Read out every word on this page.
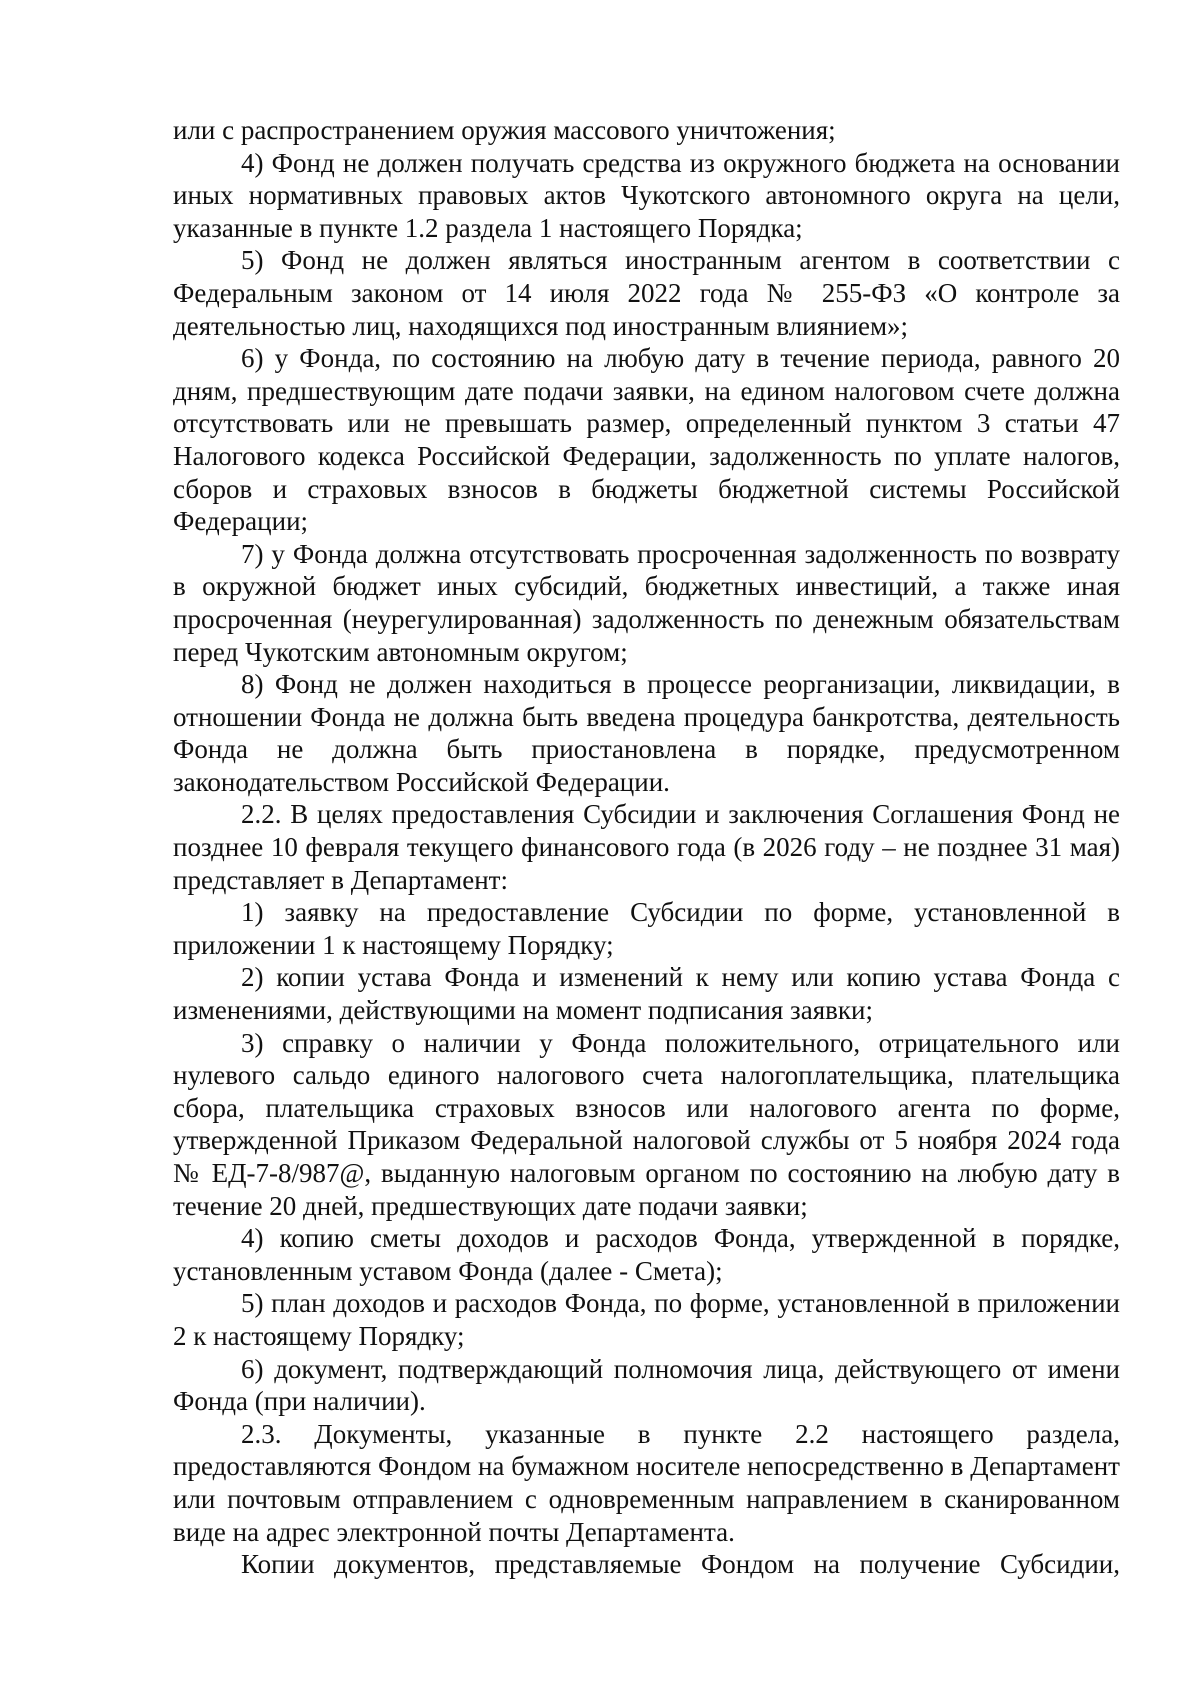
или с распространением оружия массового уничтожения;

4) Фонд не должен получать средства из окружного бюджета на основании иных нормативных правовых актов Чукотского автономного округа на цели, указанные в пункте 1.2 раздела 1 настоящего Порядка;

5) Фонд не должен являться иностранным агентом в соответствии с Федеральным законом от 14 июля 2022 года № 255-ФЗ «О контроле за деятельностью лиц, находящихся под иностранным влиянием»;

6) у Фонда, по состоянию на любую дату в течение периода, равного 20 дням, предшествующим дате подачи заявки, на едином налоговом счете должна отсутствовать или не превышать размер, определенный пунктом 3 статьи 47 Налогового кодекса Российской Федерации, задолженность по уплате налогов, сборов и страховых взносов в бюджеты бюджетной системы Российской Федерации;

7) у Фонда должна отсутствовать просроченная задолженность по возврату в окружной бюджет иных субсидий, бюджетных инвестиций, а также иная просроченная (неурегулированная) задолженность по денежным обязательствам перед Чукотским автономным округом;

8) Фонд не должен находиться в процессе реорганизации, ликвидации, в отношении Фонда не должна быть введена процедура банкротства, деятельность Фонда не должна быть приостановлена в порядке, предусмотренном законодательством Российской Федерации.

2.2. В целях предоставления Субсидии и заключения Соглашения Фонд не позднее 10 февраля текущего финансового года (в 2026 году – не позднее 31 мая) представляет в Департамент:

1) заявку на предоставление Субсидии по форме, установленной в приложении 1 к настоящему Порядку;

2) копии устава Фонда и изменений к нему или копию устава Фонда с изменениями, действующими на момент подписания заявки;

3) справку о наличии у Фонда положительного, отрицательного или нулевого сальдо единого налогового счета налогоплательщика, плательщика сбора, плательщика страховых взносов или налогового агента по форме, утвержденной Приказом Федеральной налоговой службы от 5 ноября 2024 года № ЕД-7-8/987@, выданную налоговым органом по состоянию на любую дату в течение 20 дней, предшествующих дате подачи заявки;

4) копию сметы доходов и расходов Фонда, утвержденной в порядке, установленным уставом Фонда (далее - Смета);

5) план доходов и расходов Фонда, по форме, установленной в приложении 2 к настоящему Порядку;

6) документ, подтверждающий полномочия лица, действующего от имени Фонда (при наличии).

2.3. Документы, указанные в пункте 2.2 настоящего раздела, предоставляются Фондом на бумажном носителе непосредственно в Департамент или почтовым отправлением с одновременным направлением в сканированном виде на адрес электронной почты Департамента.

Копии документов, представляемые Фондом на получение Субсидии,
